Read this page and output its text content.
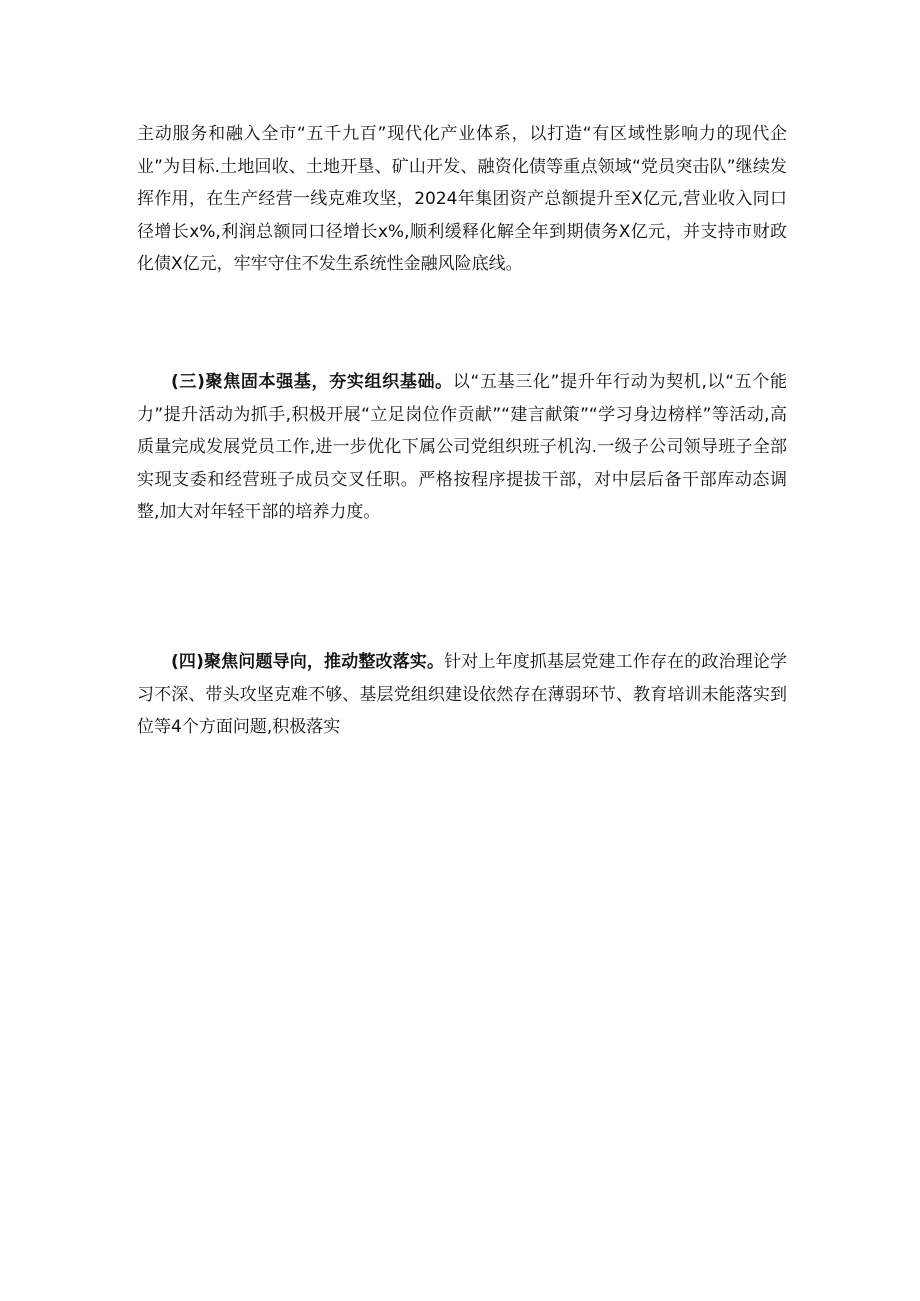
主动服务和融入全市“五千九百”现代化产业体系，以打造“有区域性影响力的现代企业”为目标.土地回收、土地开垦、矿山开发、融资化债等重点领域“党员突击队”继续发挥作用，在生产经营一线克难攻坚，2024年集团资产总额提升至X亿元,营业收入同口径增长x%,利润总额同口径增长x%,顺利缓释化解全年到期债务X亿元，并支持市财政化债X亿元，牢牢守住不发生系统性金融风险底线。

(三)聚焦固本强基，夯实组织基础。以“五基三化”提升年行动为契机,以“五个能力”提升活动为抓手,积极开展“立足岗位作贡献”“建言献策”“学习身边榜样”等活动,高质量完成发展党员工作,进一步优化下属公司党组织班子机沟.一级子公司领导班子全部实现支委和经营班子成员交叉任职。严格按程序提拔干部，对中层后备干部库动态调整,加大对年轻干部的培养力度。

(四)聚焦问题导向，推动整改落实。针对上年度抓基层党建工作存在的政治理论学习不深、带头攻坚克难不够、基层党组织建设依然存在薄弱环节、教育培训未能落实到位等4个方面问题,积极落实
